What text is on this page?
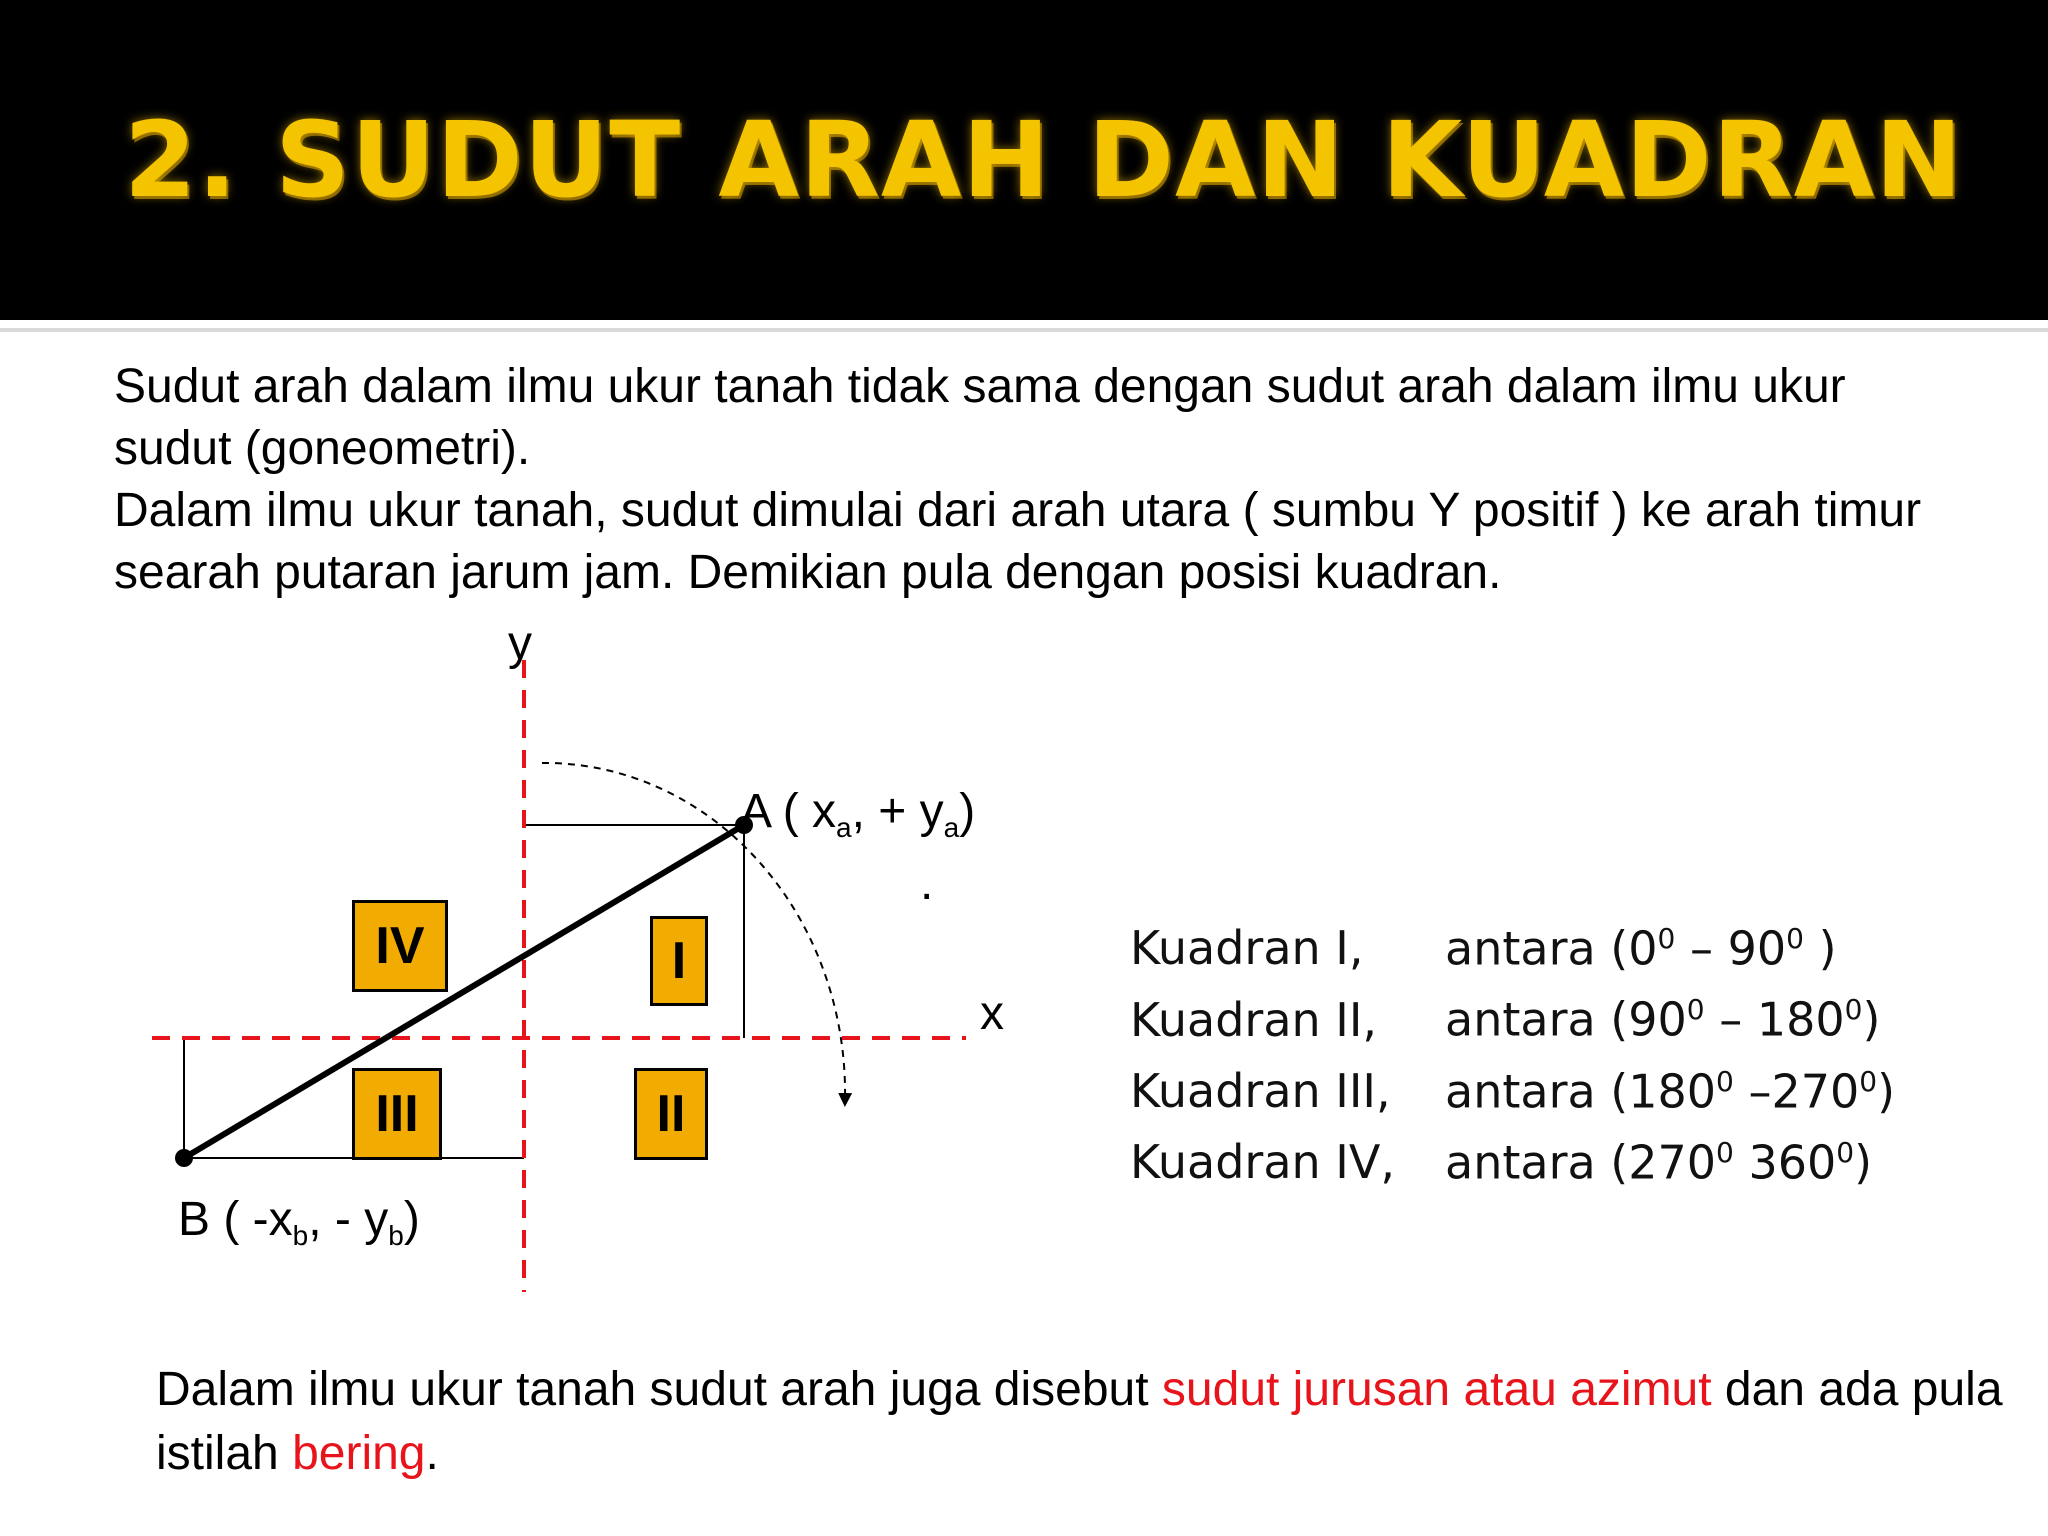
2. SUDUT ARAH DAN KUADRAN

Sudut arah dalam ilmu ukur tanah tidak sama dengan sudut arah dalam ilmu ukur sudut (goneometri).

Dalam ilmu ukur tanah, sudut dimulai dari arah utara ( sumbu Y positif ) ke arah timur searah putaran jarum jam. Demikian pula dengan posisi kuadran.

y
x
.
IV	I
III	II
A ( $x_a$, + $y_a$)
B ( $-x_b$, - $y_b$)
Kuadran I, antara ($0^0 - 90^0$ )
Kuadran II, antara $(90^0 - 180^0)$
Kuadran III, antara ($180^0$ $-270^0$)
Kuadran IV, antara ($270^0$ $360^0$)

Dalam ilmu ukur tanah sudut arah juga disebut sudut jurusan atau azimut dan ada pula istilah bering.
